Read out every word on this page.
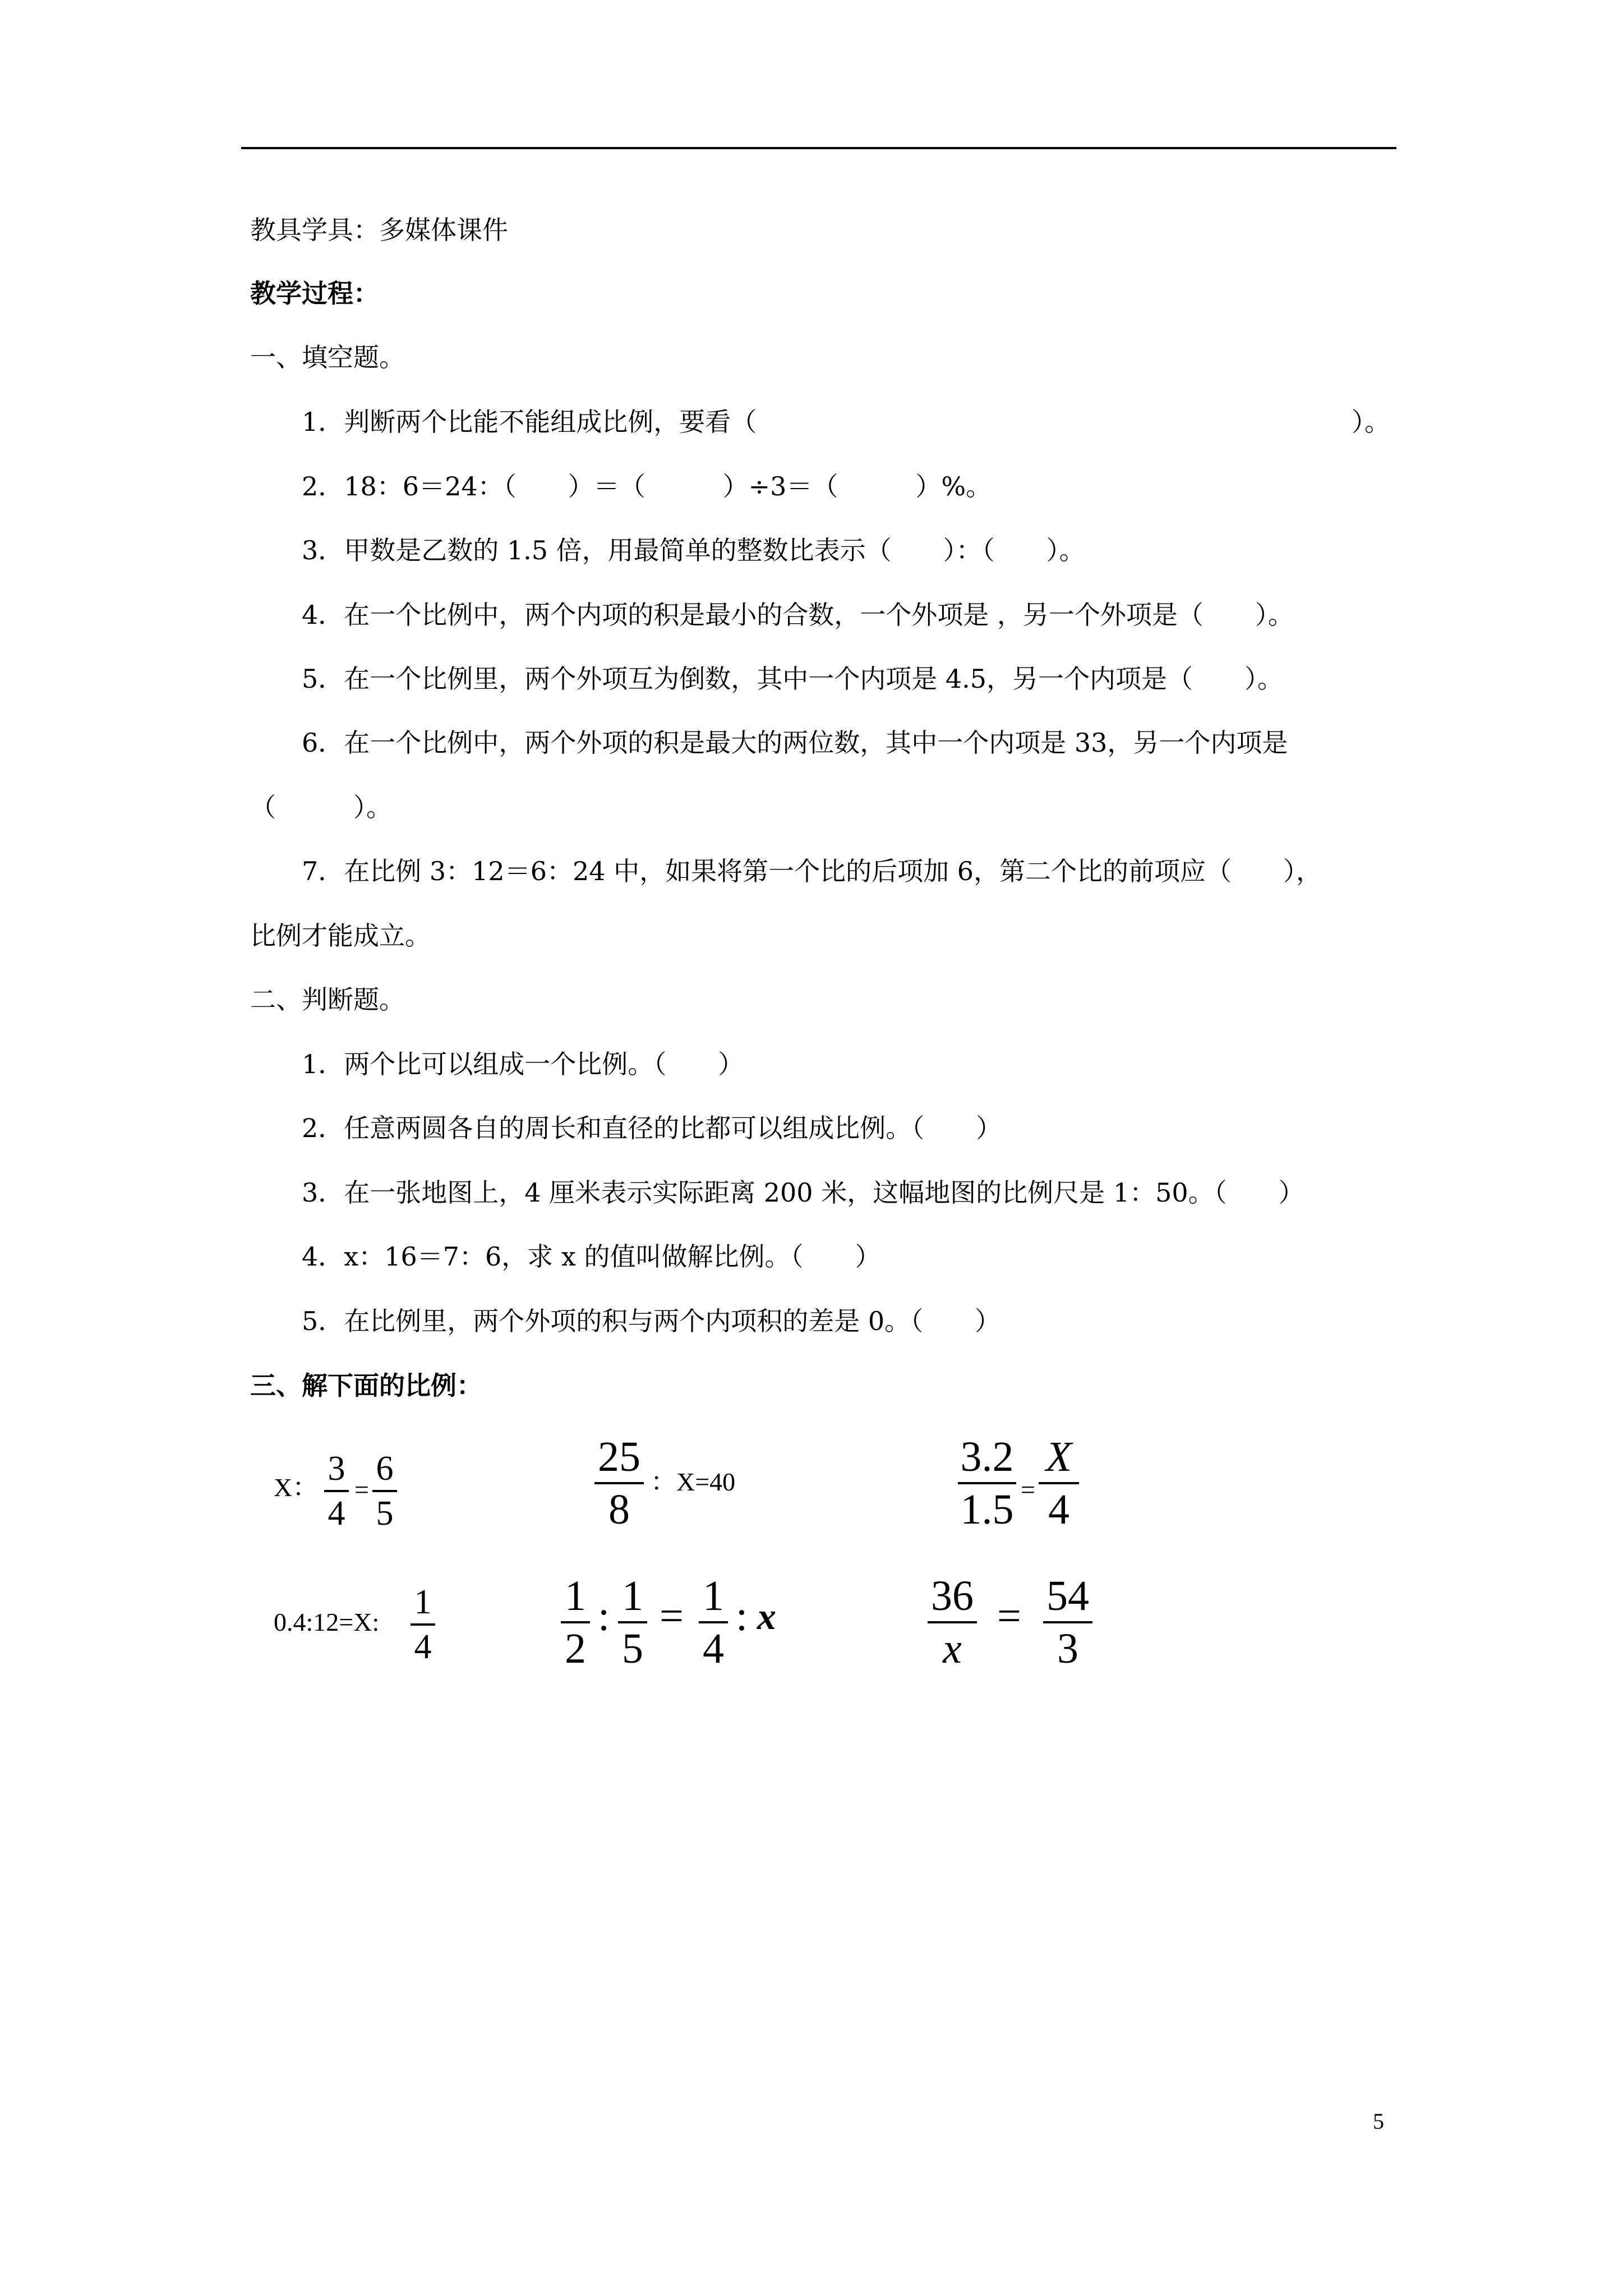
教具学具：多媒体课件
教学过程：
一、填空题。
1．判断两个比能不能组成比例，要看（	）。
2．18：6＝24：（　　）＝（　　　）÷3＝（　　　）%。
3．甲数是乙数的 1.5 倍，用最简单的整数比表示（　　）：（　　）。
4．在一个比例中，两个内项的积是最小的合数，一个外项是 ，另一个外项是（　　）。
5．在一个比例里，两个外项互为倒数，其中一个内项是 4.5，另一个内项是（　　）。
6．在一个比例中，两个外项的积是最大的两位数，其中一个内项是 33，另一个内项是
（　　　）。
7．在比例 3：12＝6：24 中，如果将第一个比的后项加 6，第二个比的前项应（　　），
比例才能成立。
二、判断题。
1．两个比可以组成一个比例。（　　）
2．任意两圆各自的周长和直径的比都可以组成比例。（　　）
3．在一张地图上，4 厘米表示实际距离 200 米，这幅地图的比例尺是 1：50。（　　）
4．x：16＝7：6，求 x 的值叫做解比例。（　　）
5．在比例里，两个外项的积与两个内项积的差是 0。（　　）
三、解下面的比例：
X： 3
4
=
6
5
25
8
：X=40
3.2
1.5 =
X
4
0.4:12=X:
1
4
1
2
: 1
5
= 1
4
: x	36
x
= 54
3
5
